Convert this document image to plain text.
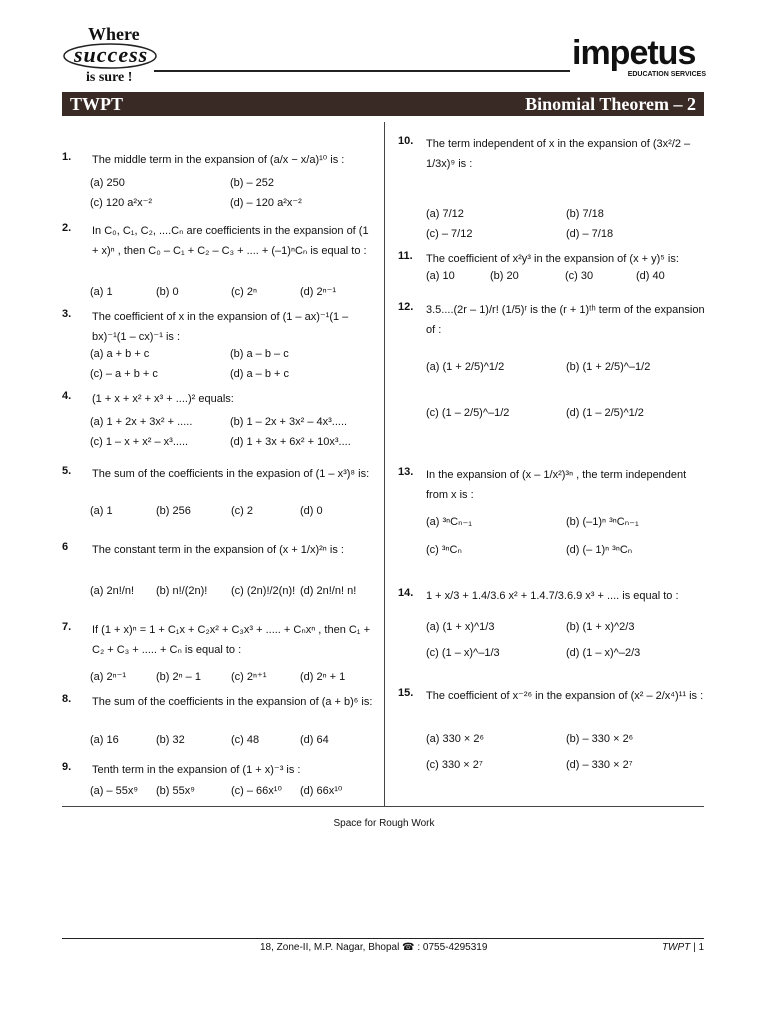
Where
success
is sure !
impetus
EDUCATION SERVICES
TWPT	Binomial Theorem – 2
1. The middle term in the expansion of (a/x − x/a)¹⁰ is :
(a) 250	(b) – 252
(c) 120 a²x⁻²	(d) – 120 a²x⁻²
2. In C₀, C₁, C₂, ....Cₙ are coefficients in the expansion of (1 + x)ⁿ , then C₀ – C₁ + C₂ – C₃ + .... + (–1)ⁿCₙ is equal to :
(a) 1	(b) 0	(c) 2ⁿ	(d) 2ⁿ⁻¹
3. The coefficient of x in the expansion of (1 – ax)⁻¹(1 – bx)⁻¹(1 – cx)⁻¹ is :
(a) a + b + c	(b) a – b – c
(c) – a + b + c	(d) a – b + c
4. (1 + x + x² + x³ + ....)² equals:
(a) 1 + 2x + 3x² + .....	(b) 1 – 2x + 3x² – 4x³.....
(c) 1 – x + x² – x³.....	(d) 1 + 3x + 6x² + 10x³....
5. The sum of the coefficients in the expasion of (1 – x³)⁸ is:
(a) 1	(b) 256	(c) 2	(d) 0
6 The constant term in the expansion of (x + 1/x)²ⁿ is :
(a) 2n!/n! (b) n!/(2n)! (c) (2n)!/2(n)! (d) 2n!/n! n!
7. If (1 + x)ⁿ = 1 + C₁x + C₂x² + C₃x³ + ..... + Cₙxⁿ , then C₁ + C₂ + C₃ + ..... + Cₙ is equal to :
(a) 2ⁿ⁻¹	(b) 2ⁿ – 1	(c) 2ⁿ⁺¹	(d) 2ⁿ + 1
8. The sum of the coefficients in the expansion of (a + b)⁶ is:
(a) 16	(b) 32	(c) 48	(d) 64
9. Tenth term in the expansion of (1 + x)⁻³ is :
(a) – 55x⁹ (b) 55x⁹	(c) – 66x¹⁰ (d) 66x¹⁰
10. The term independent of x in the expansion of (3x²/2 – 1/3x)⁹ is :
(a) 7/12	(b) 7/18
(c) – 7/12	(d) – 7/18
11. The coefficient of x²y³ in the expansion of (x + y)⁵ is:
(a) 10	(b) 20	(c) 30	(d) 40
12. 3.5....(2r – 1)/r! (1/5)ʳ is the (r + 1)ᵗʰ term of the expansion of :
(a) (1 + 2/5)^1/2	(b) (1 + 2/5)^–1/2
(c) (1 – 2/5)^–1/2	(d) (1 – 2/5)^1/2
13. In the expansion of (x – 1/x²)³ⁿ , the term independent from x is :
(a) ³ⁿCₙ₋₁	(b) (–1)ⁿ ³ⁿCₙ₋₁
(c) ³ⁿCₙ	(d) (– 1)ⁿ ³ⁿCₙ
14. 1 + x/3 + 1.4/3.6 x² + 1.4.7/3.6.9 x³ + .... is equal to :
(a) (1 + x)^1/3	(b) (1 + x)^2/3
(c) (1 – x)^–1/3	(d) (1 – x)^–2/3
15. The coefficient of x⁻²⁶ in the expansion of (x² – 2/x⁴)¹¹ is :
(a) 330 × 2⁶	(b) – 330 × 2⁶
(c) 330 × 2⁷	(d) – 330 × 2⁷
Space for Rough Work
18, Zone-II, M.P. Nagar, Bhopal ☎ : 0755-4295319	TWPT | 1
